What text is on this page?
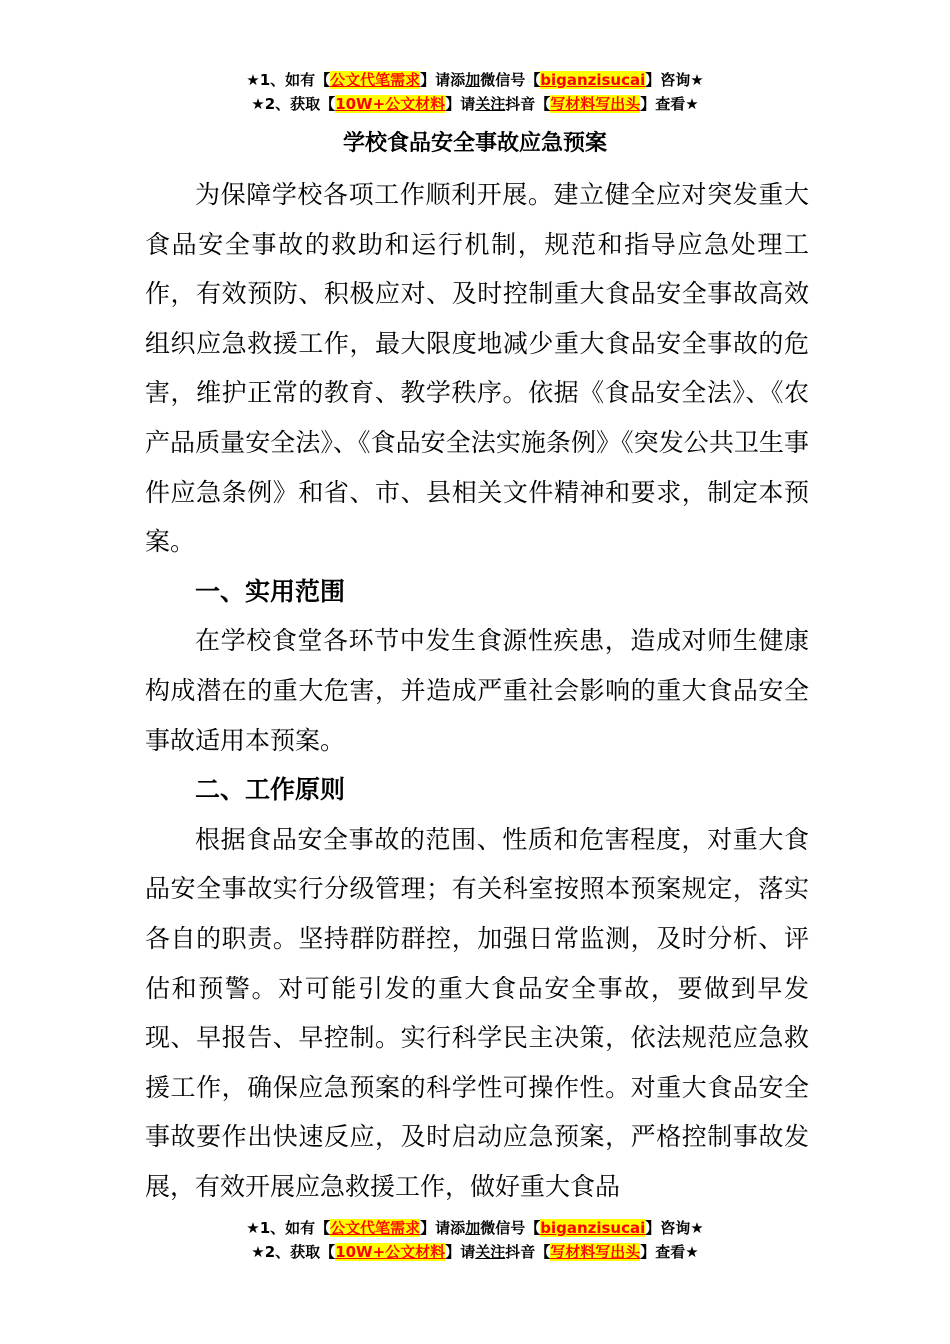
★1、如有【公文代笔需求】请添加微信号【biganzisucai】咨询★
★2、获取【10W+公文材料】请关注抖音【写材料写出头】查看★
学校食品安全事故应急预案

为保障学校各项工作顺利开展。建立健全应对突发重大食品安全事故的救助和运行机制，规范和指导应急处理工作，有效预防、积极应对、及时控制重大食品安全事故高效组织应急救援工作，最大限度地减少重大食品安全事故的危害，维护正常的教育、教学秩序。依据《食品安全法》、《农产品质量安全法》、《食品安全法实施条例》《突发公共卫生事件应急条例》和省、市、县相关文件精神和要求，制定本预案。

一、实用范围

在学校食堂各环节中发生食源性疾患，造成对师生健康构成潜在的重大危害，并造成严重社会影响的重大食品安全事故适用本预案。

二、工作原则

根据食品安全事故的范围、性质和危害程度，对重大食品安全事故实行分级管理；有关科室按照本预案规定，落实各自的职责。坚持群防群控，加强日常监测，及时分析、评估和预警。对可能引发的重大食品安全事故，要做到早发现、早报告、早控制。实行科学民主决策，依法规范应急救援工作，确保应急预案的科学性可操作性。对重大食品安全事故要作出快速反应，及时启动应急预案，严格控制事故发展，有效开展应急救援工作，做好重大食品

★1、如有【公文代笔需求】请添加微信号【biganzisucai】咨询★
★2、获取【10W+公文材料】请关注抖音【写材料写出头】查看★
